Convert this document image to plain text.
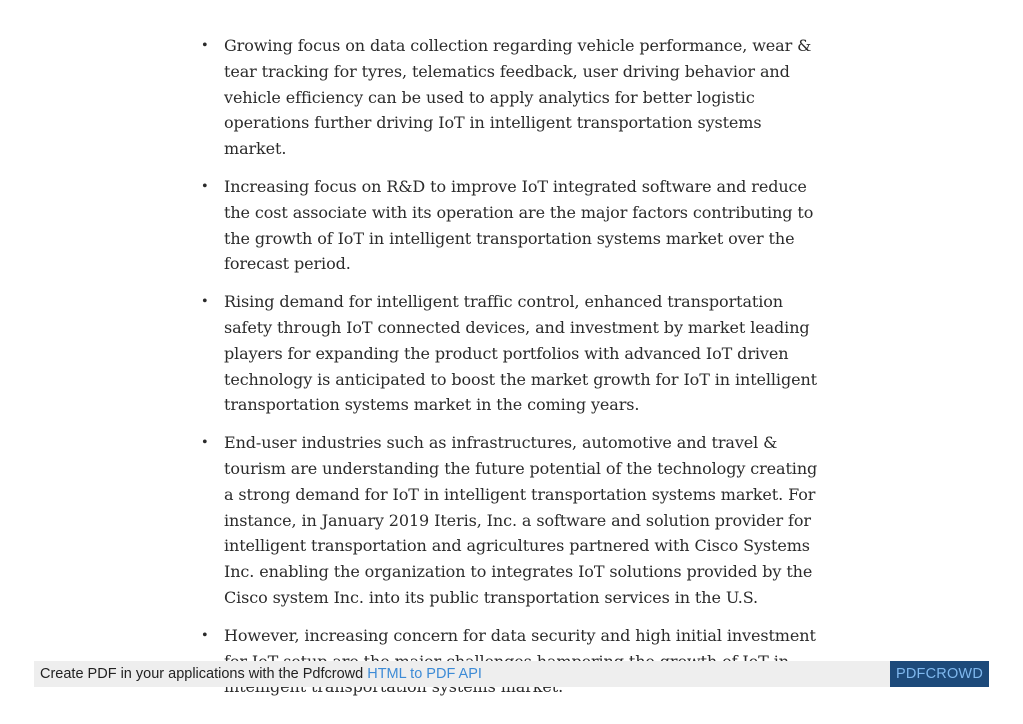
• Growing focus on data collection regarding vehicle performance, wear & tear tracking for tyres, telematics feedback, user driving behavior and vehicle efficiency can be used to apply analytics for better logistic operations further driving IoT in intelligent transportation systems market.
• Increasing focus on R&D to improve IoT integrated software and reduce the cost associate with its operation are the major factors contributing to the growth of IoT in intelligent transportation systems market over the forecast period.
• Rising demand for intelligent traffic control, enhanced transportation safety through IoT connected devices, and investment by market leading players for expanding the product portfolios with advanced IoT driven technology is anticipated to boost the market growth for IoT in intelligent transportation systems market in the coming years.
• End-user industries such as infrastructures, automotive and travel & tourism are understanding the future potential of the technology creating a strong demand for IoT in intelligent transportation systems market. For instance, in January 2019 Iteris, Inc. a software and solution provider for intelligent transportation and agricultures partnered with Cisco Systems Inc. enabling the organization to integrates IoT solutions provided by the Cisco system Inc. into its public transportation services in the U.S.
• However, increasing concern for data security and high initial investment
Create PDF in your applications with the Pdfcrowd HTML to PDF API	PDFCROWD
